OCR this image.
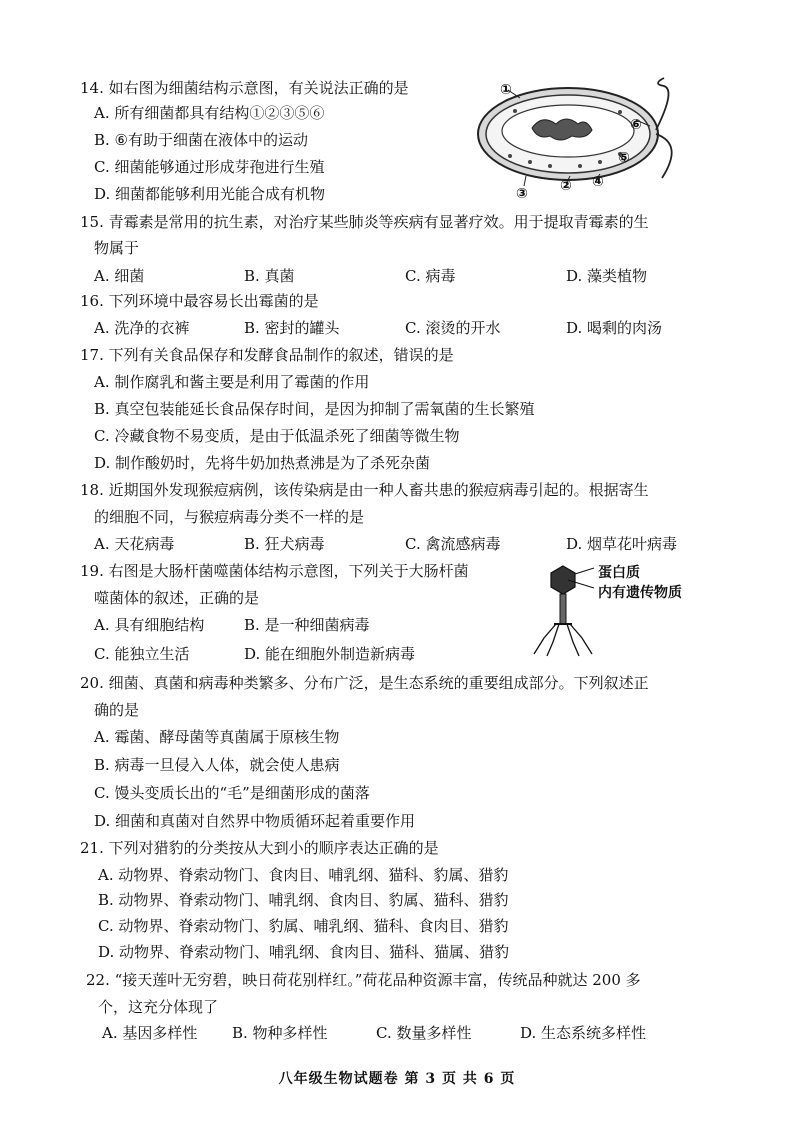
14. 如右图为细菌结构示意图，有关说法正确的是
A. 所有细菌都具有结构①②③⑤⑥
B. ⑥有助于细菌在液体中的运动
C. 细菌能够通过形成芽孢进行生殖
D. 细菌都能够利用光能合成有机物
①
②
③
④
⑤
⑥
15. 青霉素是常用的抗生素，对治疗某些肺炎等疾病有显著疗效。用于提取青霉素的生
物属于
A. 细菌	B. 真菌	C. 病毒	D. 藻类植物
16. 下列环境中最容易长出霉菌的是
A. 洗净的衣裤	B. 密封的罐头	C. 滚烫的开水	D. 喝剩的肉汤
17. 下列有关食品保存和发酵食品制作的叙述，错误的是
A. 制作腐乳和酱主要是利用了霉菌的作用
B. 真空包装能延长食品保存时间，是因为抑制了需氧菌的生长繁殖
C. 冷藏食物不易变质，是由于低温杀死了细菌等微生物
D. 制作酸奶时，先将牛奶加热煮沸是为了杀死杂菌
18. 近期国外发现猴痘病例，该传染病是由一种人畜共患的猴痘病毒引起的。根据寄生
的细胞不同，与猴痘病毒分类不一样的是
A. 天花病毒	B. 狂犬病毒	C. 禽流感病毒	D. 烟草花叶病毒
19. 右图是大肠杆菌噬菌体结构示意图，下列关于大肠杆菌
噬菌体的叙述，正确的是
A. 具有细胞结构	B. 是一种细菌病毒
C. 能独立生活	D. 能在细胞外制造新病毒
蛋白质
内有遗传物质
20. 细菌、真菌和病毒种类繁多、分布广泛，是生态系统的重要组成部分。下列叙述正
确的是
A. 霉菌、酵母菌等真菌属于原核生物
B. 病毒一旦侵入人体，就会使人患病
C. 馒头变质长出的“毛”是细菌形成的菌落
D. 细菌和真菌对自然界中物质循环起着重要作用
21. 下列对猎豹的分类按从大到小的顺序表达正确的是
A. 动物界、脊索动物门、食肉目、哺乳纲、猫科、豹属、猎豹
B. 动物界、脊索动物门、哺乳纲、食肉目、豹属、猫科、猎豹
C. 动物界、脊索动物门、豹属、哺乳纲、猫科、食肉目、猎豹
D. 动物界、脊索动物门、哺乳纲、食肉目、猫科、猫属、猎豹
22. “接天莲叶无穷碧，映日荷花别样红。”荷花品种资源丰富，传统品种就达 200 多
个，这充分体现了
A. 基因多样性 B. 物种多样性	C. 数量多样性	D. 生态系统多样性
八年级生物试题卷 第 3 页 共 6 页
